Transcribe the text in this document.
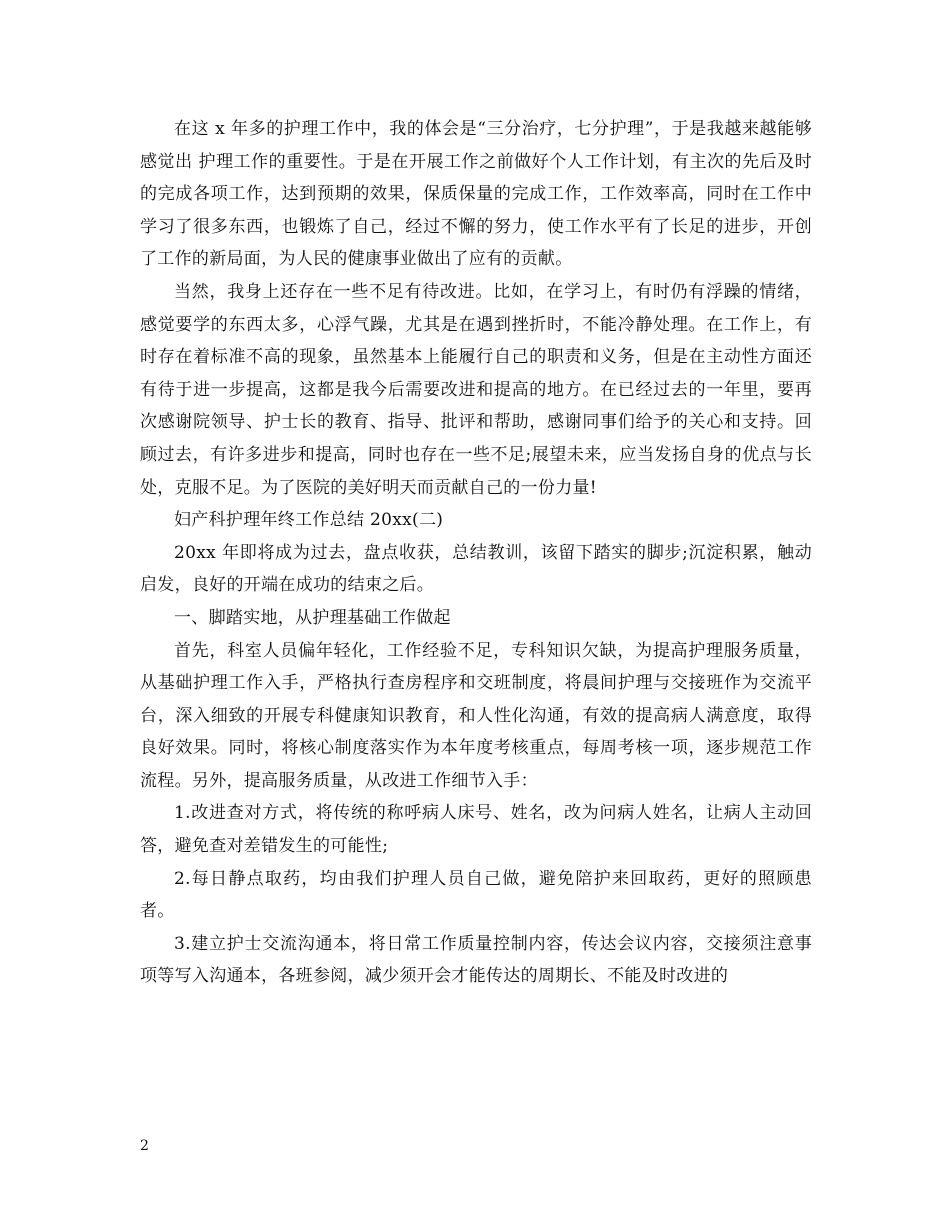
在这 x 年多的护理工作中，我的体会是“三分治疗，七分护理”，于是我越来越能够感觉出 护理工作的重要性。于是在开展工作之前做好个人工作计划，有主次的先后及时的完成各项工作，达到预期的效果，保质保量的完成工作，工作效率高，同时在工作中学习了很多东西，也锻炼了自己，经过不懈的努力，使工作水平有了长足的进步，开创了工作的新局面，为人民的健康事业做出了应有的贡献。

当然，我身上还存在一些不足有待改进。比如，在学习上，有时仍有浮躁的情绪，感觉要学的东西太多，心浮气躁，尤其是在遇到挫折时，不能冷静处理。在工作上，有时存在着标准不高的现象，虽然基本上能履行自己的职责和义务，但是在主动性方面还有待于进一步提高，这都是我今后需要改进和提高的地方。在已经过去的一年里，要再次感谢院领导、护士长的教育、指导、批评和帮助，感谢同事们给予的关心和支持。回顾过去，有许多进步和提高，同时也存在一些不足;展望未来，应当发扬自身的优点与长处，克服不足。为了医院的美好明天而贡献自己的一份力量!

妇产科护理年终工作总结 20xx(二)

20xx 年即将成为过去，盘点收获，总结教训，该留下踏实的脚步;沉淀积累，触动启发，良好的开端在成功的结束之后。

一、脚踏实地，从护理基础工作做起

首先，科室人员偏年轻化，工作经验不足，专科知识欠缺，为提高护理服务质量，从基础护理工作入手，严格执行查房程序和交班制度，将晨间护理与交接班作为交流平台，深入细致的开展专科健康知识教育，和人性化沟通，有效的提高病人满意度，取得良好效果。同时，将核心制度落实作为本年度考核重点，每周考核一项，逐步规范工作流程。另外，提高服务质量，从改进工作细节入手：

1.改进查对方式，将传统的称呼病人床号、姓名，改为问病人姓名，让病人主动回答，避免查对差错发生的可能性;

2.每日静点取药，均由我们护理人员自己做，避免陪护来回取药，更好的照顾患者。

3.建立护士交流沟通本，将日常工作质量控制内容，传达会议内容，交接须注意事项等写入沟通本，各班参阅，减少须开会才能传达的周期长、不能及时改进的

2
